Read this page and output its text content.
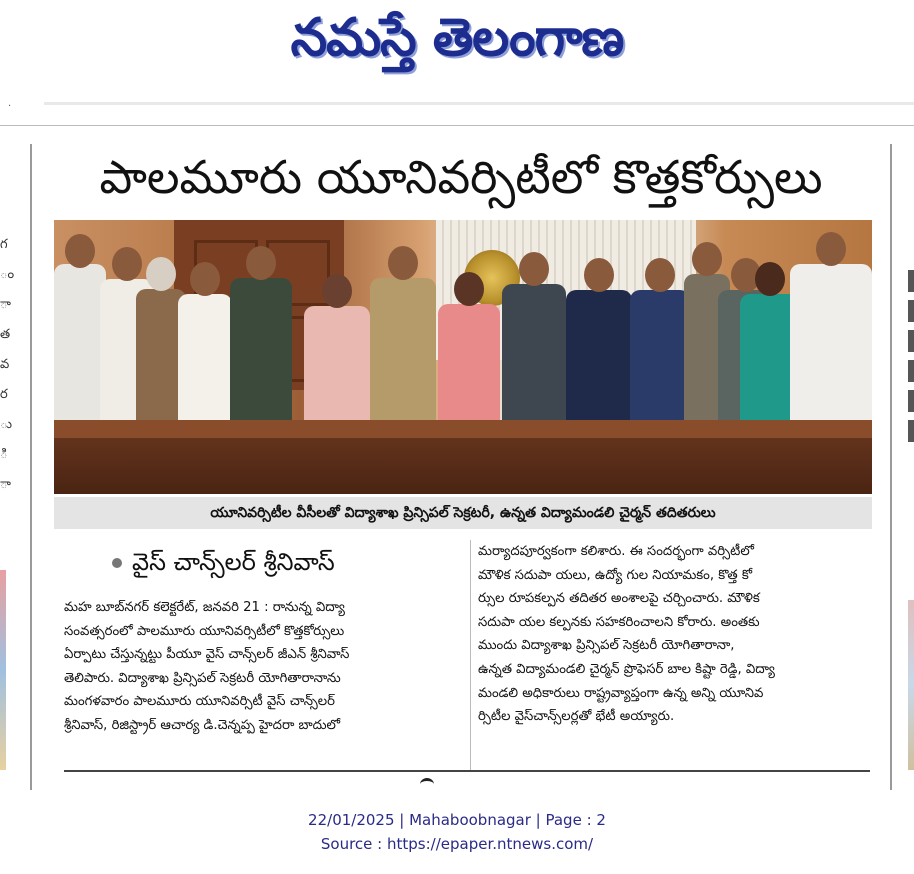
నమస్తే తెలంగాణ
.
గ
ం
ా
త
వ
ర
ు
ి
ా
పాలమూరు యూనివర్సిటీలో కొత్తకోర్సులు
యూనివర్సిటీల వీసీలతో విద్యాశాఖ ప్రిన్సిపల్ సెక్రటరీ, ఉన్నత విద్యామండలి చైర్మన్ తదితరులు
వైస్ చాన్స్‌లర్ శ్రీనివాస్

మహ బూబ్‌నగర్ కలెక్టరేట్, జనవరి 21 : రానున్న విద్యా

సంవత్సరంలో పాలమూరు యూనివర్సిటీలో కొత్తకోర్సులు

ఏర్పాటు చేస్తున్నట్టు పీయూ వైస్ చాన్స్‌లర్ జీఎన్ శ్రీనివాస్

తెలిపారు. విద్యాశాఖ ప్రిన్సిపల్ సెక్రటరీ యోగితారానాను

మంగళవారం పాలమూరు యూనివర్సిటీ వైస్ చాన్స్‌లర్

శ్రీనివాస్, రిజిస్ట్రార్ ఆచార్య డి.చెన్నప్ప హైదరా బాదులో

మర్యాదపూర్వకంగా కలిశారు. ఈ సందర్భంగా వర్సిటీలో

మౌళిక సదుపా యలు, ఉద్యో గుల నియామకం, కొత్త కో

ర్సుల రూపకల్పన తదితర అంశాలపై చర్చించారు. మౌళిక

సదుపా యల కల్పనకు సహకరించాలని కోరారు. అంతకు

ముందు విద్యాశాఖ ప్రిన్సిపల్ సెక్రటరీ యోగితారానా,

ఉన్నత విద్యామండలి చైర్మన్ ప్రొఫెసర్ బాల కిష్టా రెడ్డి, విద్యా

మండలి అధికారులు రాష్ట్రవ్యాప్తంగా ఉన్న అన్ని యూనివ

ర్సిటీల వైస్‌చాన్స్‌లర్లతో భేటీ అయ్యారు.

22/01/2025 | Mahaboobnagar | Page : 2
Source : https://epaper.ntnews.com/
